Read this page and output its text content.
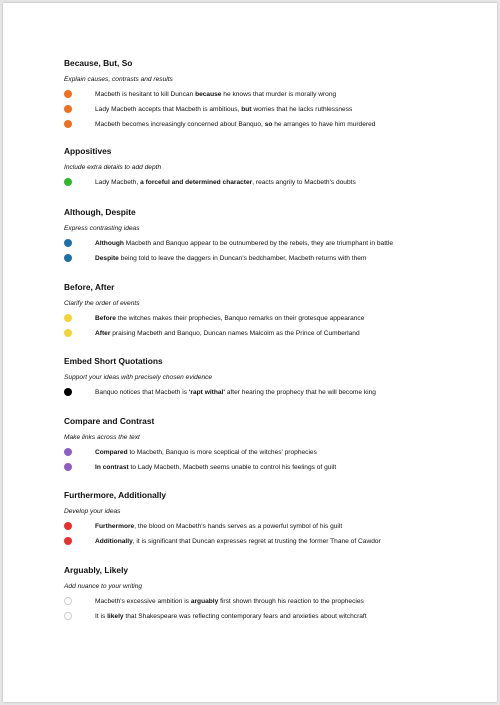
Because, But, So
Explain causes, contrasts and results
Macbeth is hesitant to kill Duncan because he knows that murder is morally wrong
Lady Macbeth accepts that Macbeth is ambitious, but worries that he lacks ruthlessness
Macbeth becomes increasingly concerned about Banquo, so he arranges to have him murdered
Appositives
Include extra details to add depth
Lady Macbeth, a forceful and determined character, reacts angrily to Macbeth's doubts
Although, Despite
Express contrasting ideas
Although Macbeth and Banquo appear to be outnumbered by the rebels, they are triumphant in battle
Despite being told to leave the daggers in Duncan's bedchamber, Macbeth returns with them
Before, After
Clarify the order of events
Before the witches makes their prophecies, Banquo remarks on their grotesque appearance
After praising Macbeth and Banquo, Duncan names Malcolm as the Prince of Cumberland
Embed Short Quotations
Support your ideas with precisely chosen evidence
Banquo notices that Macbeth is 'rapt withal' after hearing the prophecy that he will become king
Compare and Contrast
Make links across the text
Compared to Macbeth, Banquo is more sceptical of the witches' prophecies
In contrast to Lady Macbeth, Macbeth seems unable to control his feelings of guilt
Furthermore, Additionally
Develop your ideas
Furthermore, the blood on Macbeth's hands serves as a powerful symbol of his guilt
Additionally, it is significant that Duncan expresses regret at trusting the former Thane of Cawdor
Arguably, Likely
Add nuance to your writing
Macbeth's excessive ambition is arguably first shown through his reaction to the prophecies
It is likely that Shakespeare was reflecting contemporary fears and anxieties about witchcraft
